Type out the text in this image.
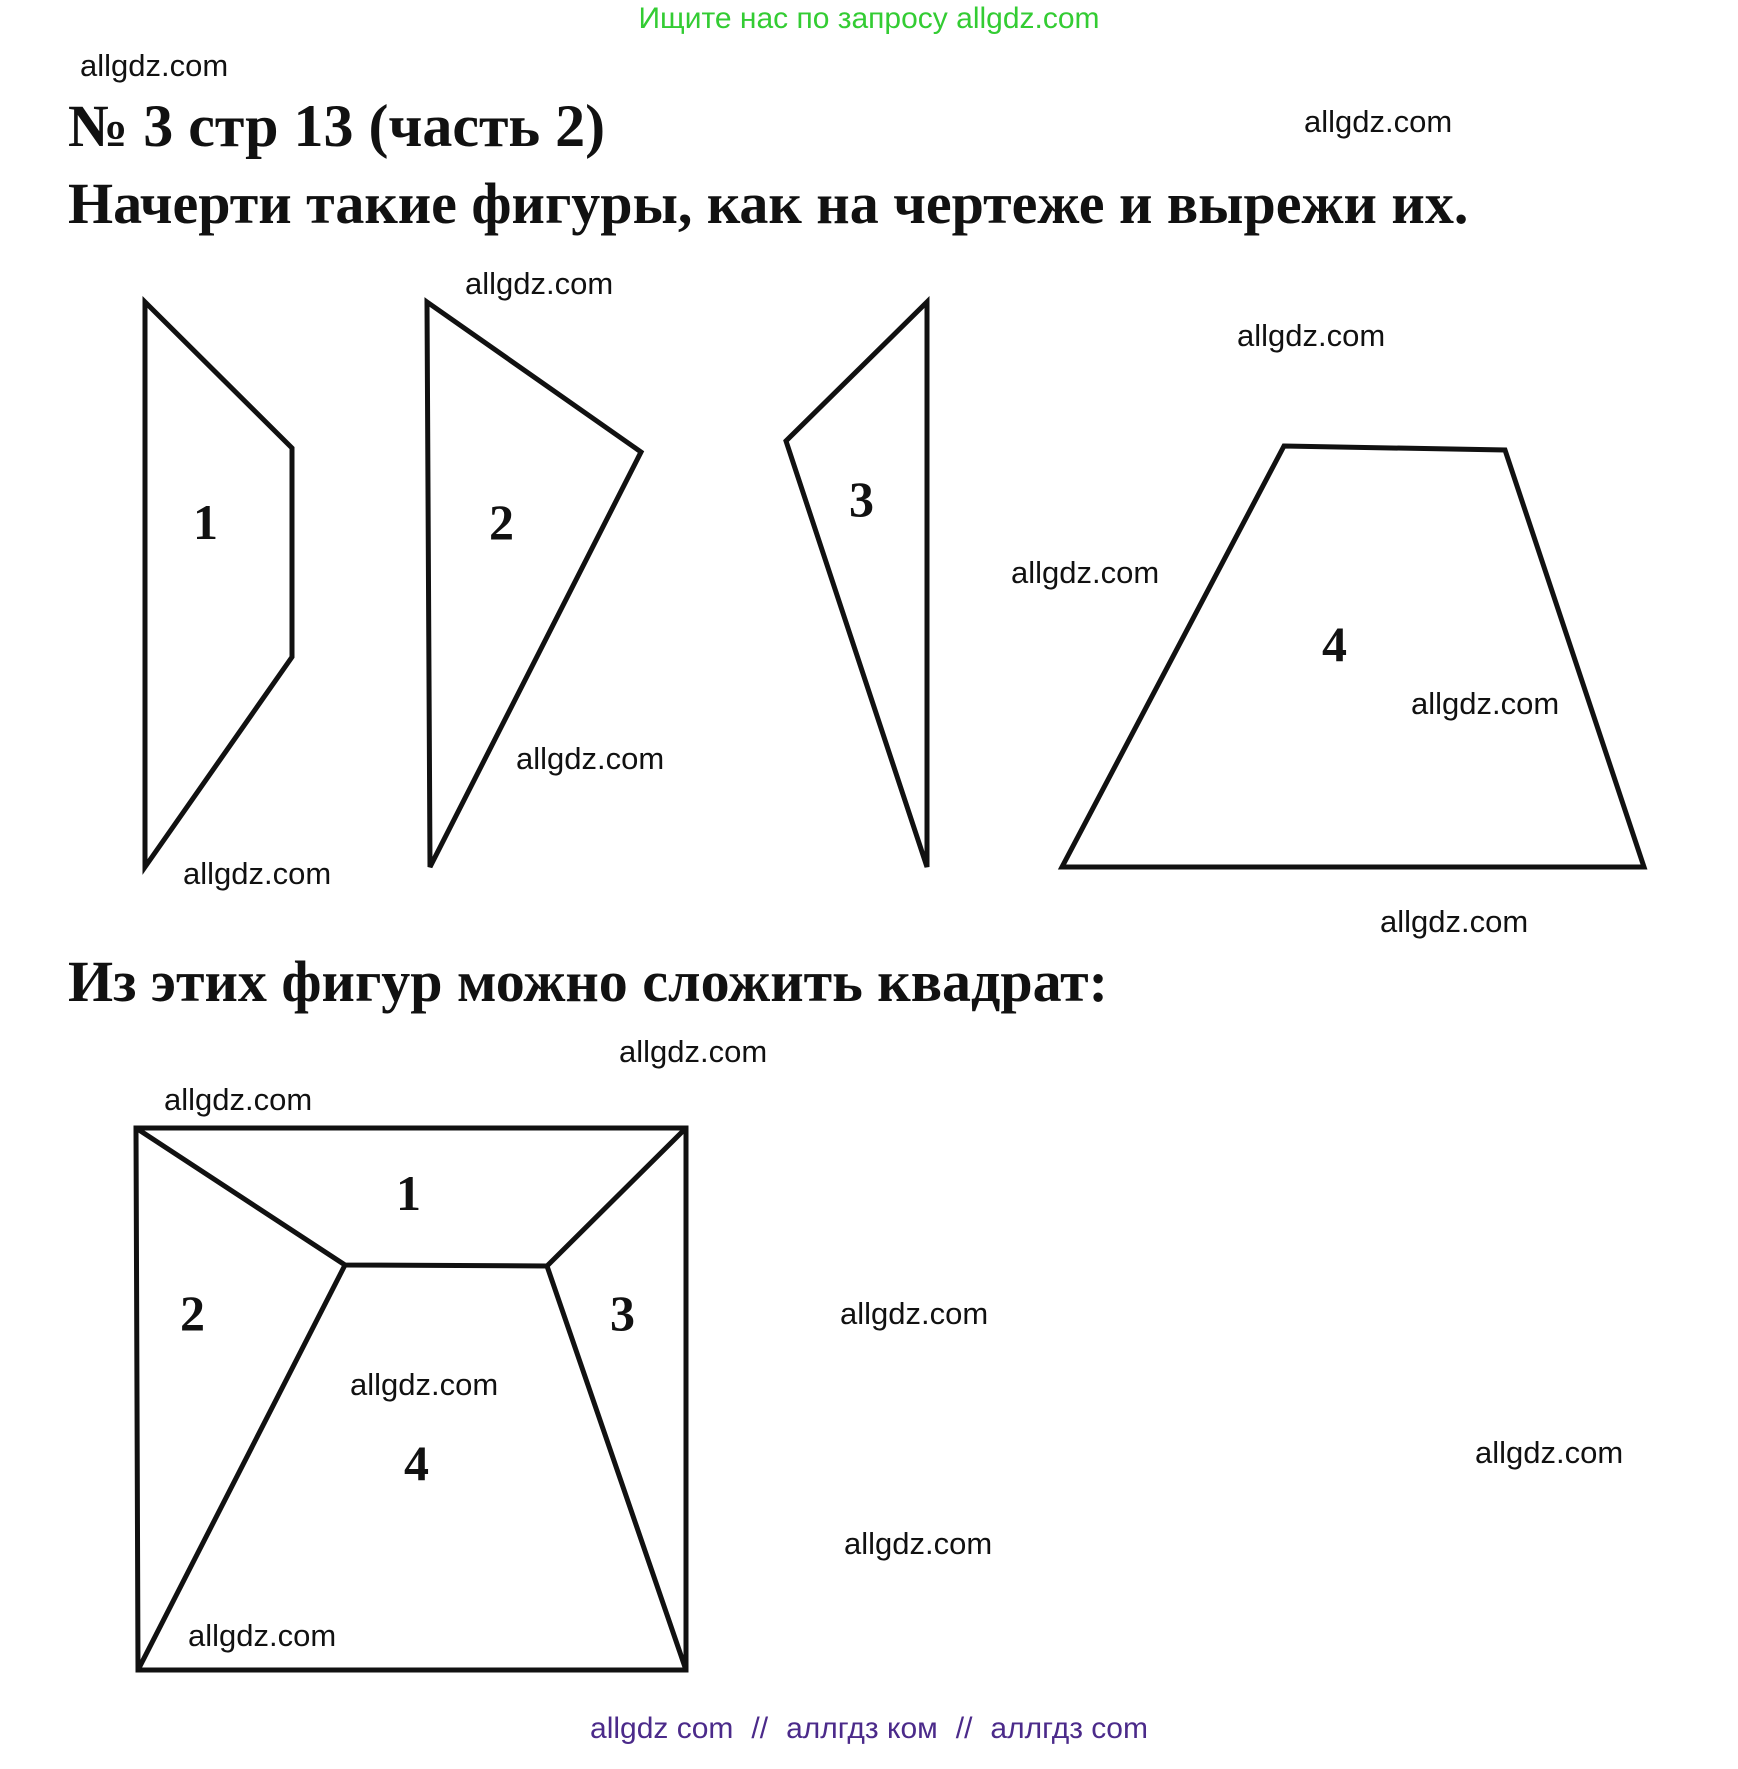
Ищите нас по запросу allgdz.com
№ 3 стр 13 (часть 2)
Начерти такие фигуры, как на чертеже и вырежи их.
Из этих фигур можно сложить квадрат:
1	2	3
4
1
2	3
4
allgdz.com
allgdz.com
allgdz.com
allgdz.com
allgdz.com
allgdz.com
allgdz.com
allgdz.com
allgdz.com
allgdz.com
allgdz.com
allgdz.com
allgdz.com
allgdz.com
allgdz.com
allgdz.com
allgdz com // аллгдз ком // аллгдз com
